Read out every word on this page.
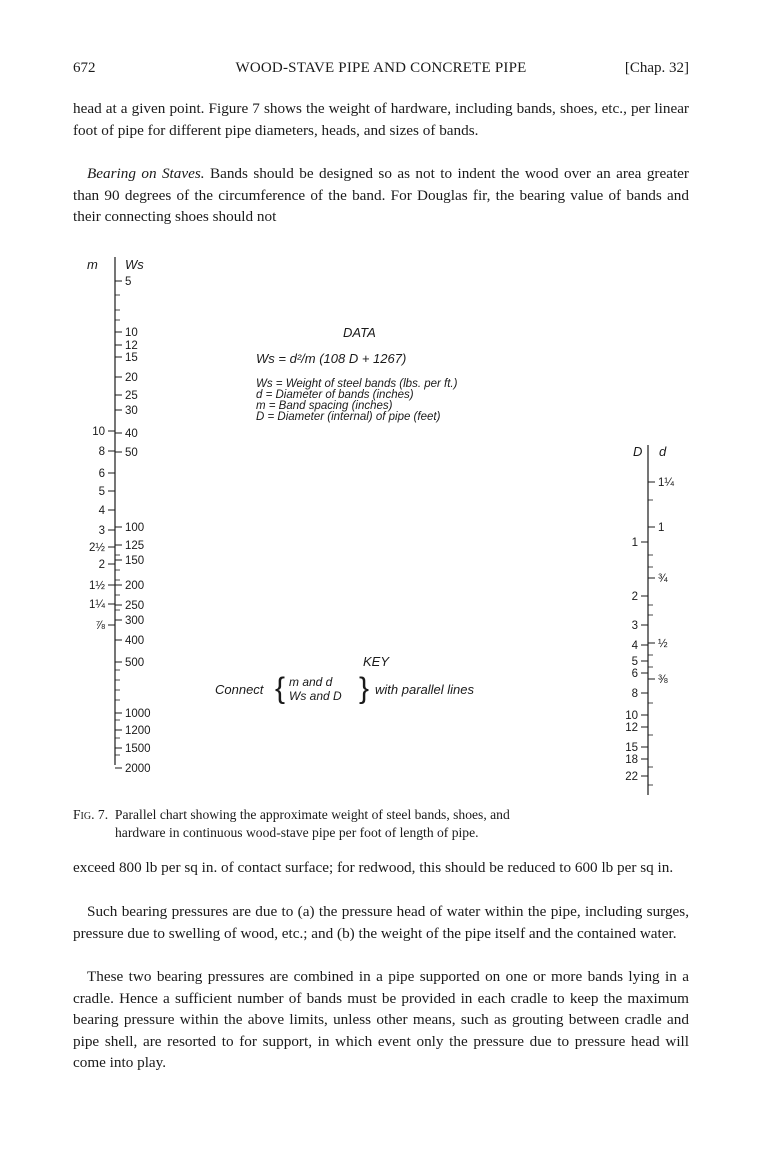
672	WOOD-STAVE PIPE AND CONCRETE PIPE	[Chap. 32]

head at a given point. Figure 7 shows the weight of hardware, including bands, shoes, etc., per linear foot of pipe for different pipe diameters, heads, and sizes of bands.

Bearing on Staves. Bands should be designed so as not to indent the wood over an area greater than 90 degrees of the circumference of the band. For Douglas fir, the bearing value of bands and their connecting shoes should not

DATA
Ws = d²/m (108 D + 1267)
Ws = Weight of steel bands (lbs. per ft.)
d = Diameter of bands (inches)
m = Band spacing (inches)
D = Diameter (internal) of pipe (feet)
KEY
Connect { m and d
Ws and D } with parallel lines
m
10
8
6
5
4
3
2½
2
1½
1¼
⅞
Ws
5
10
12
15
20
25
30
40
50
100
125
150
200
250
300
400
500
1000
1200
1500
2000
D
1
2
3
4
5
6
8
10
12
15
18
22
d
1¼
1
¾
½
⅜
Fig. 7. Parallel chart showing the approximate weight of steel bands, shoes, and
hardware in continuous wood-stave pipe per foot of length of pipe.

exceed 800 lb per sq in. of contact surface; for redwood, this should be reduced to 600 lb per sq in.

Such bearing pressures are due to (a) the pressure head of water within the pipe, including surges, pressure due to swelling of wood, etc.; and (b) the weight of the pipe itself and the contained water.

These two bearing pressures are combined in a pipe supported on one or more bands lying in a cradle. Hence a sufficient number of bands must be provided in each cradle to keep the maximum bearing pressure within the above limits, unless other means, such as grouting between cradle and pipe shell, are resorted to for support, in which event only the pressure due to pressure head will come into play.
